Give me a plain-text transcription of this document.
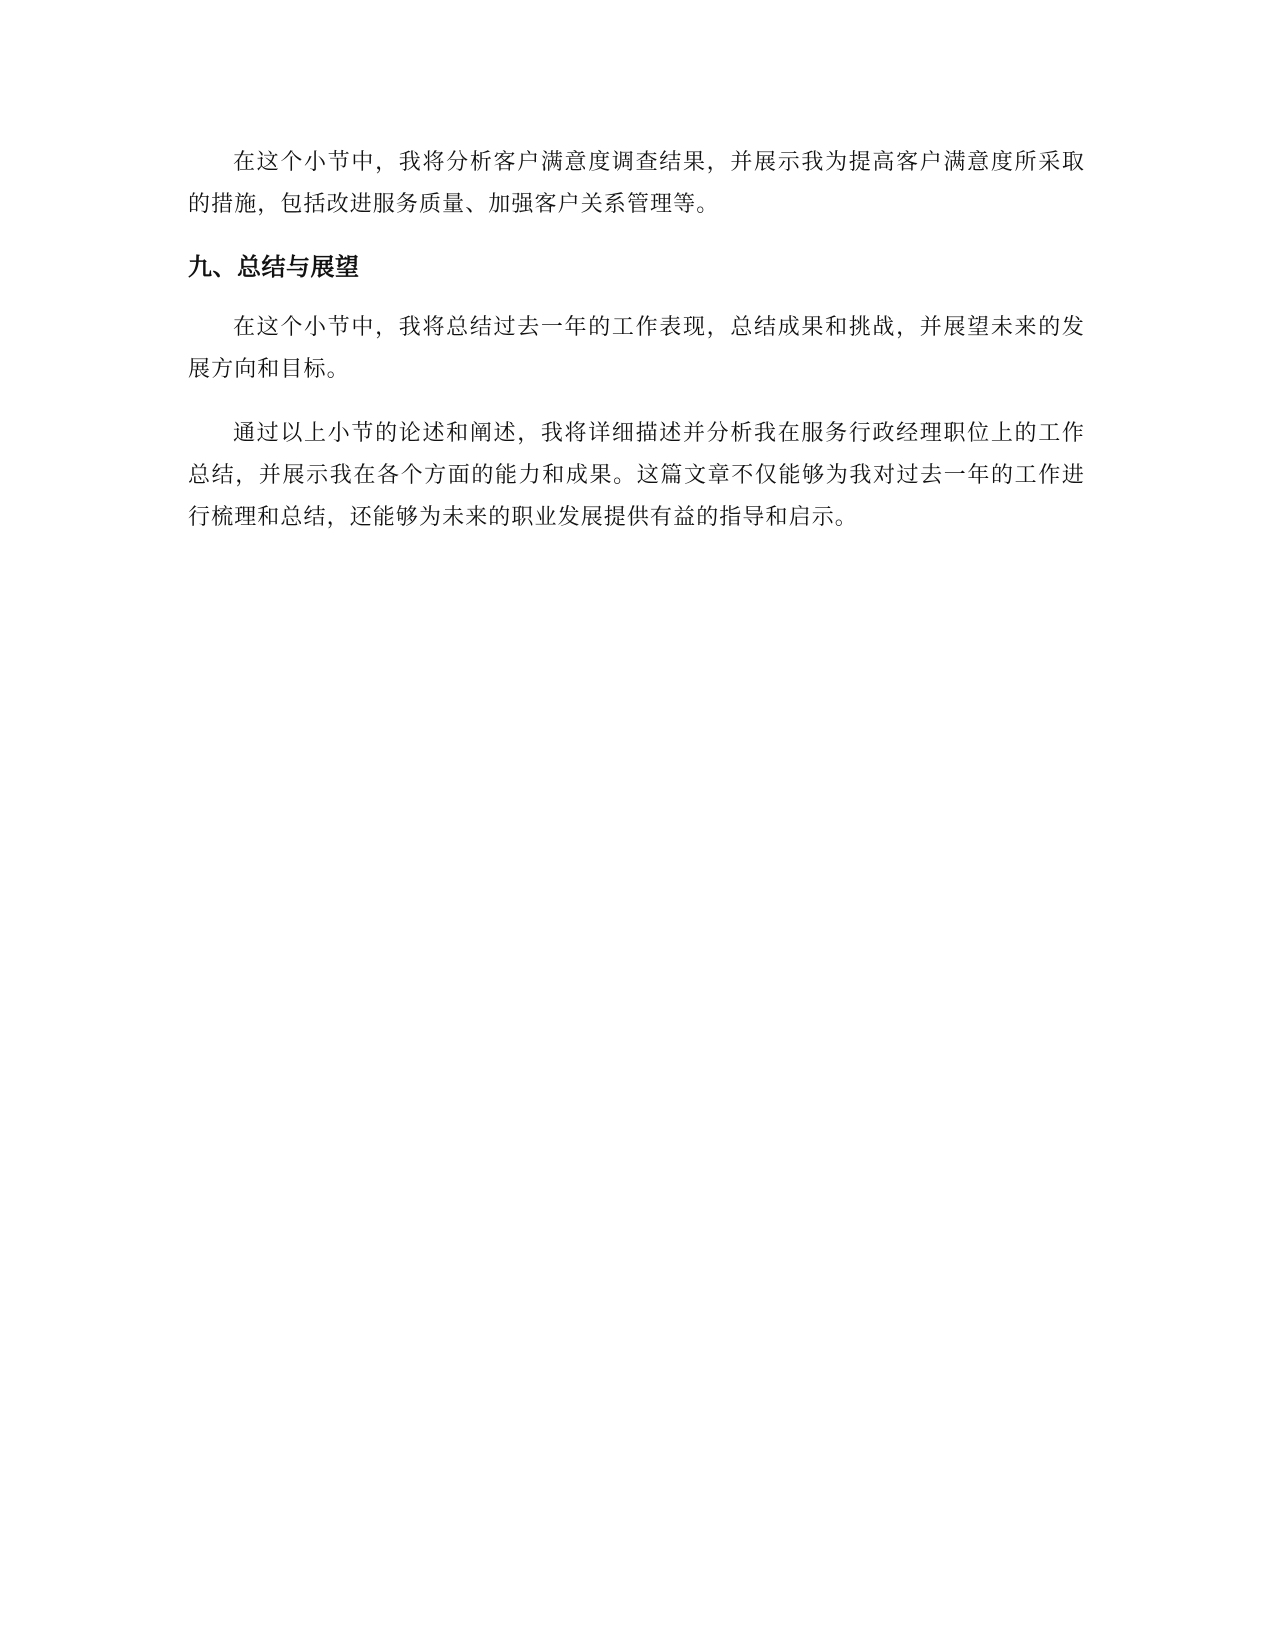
在这个小节中，我将分析客户满意度调查结果，并展示我为提高客户满意度所采取的措施，包括改进服务质量、加强客户关系管理等。

九、总结与展望

在这个小节中，我将总结过去一年的工作表现，总结成果和挑战，并展望未来的发展方向和目标。

通过以上小节的论述和阐述，我将详细描述并分析我在服务行政经理职位上的工作总结，并展示我在各个方面的能力和成果。这篇文章不仅能够为我对过去一年的工作进行梳理和总结，还能够为未来的职业发展提供有益的指导和启示。
